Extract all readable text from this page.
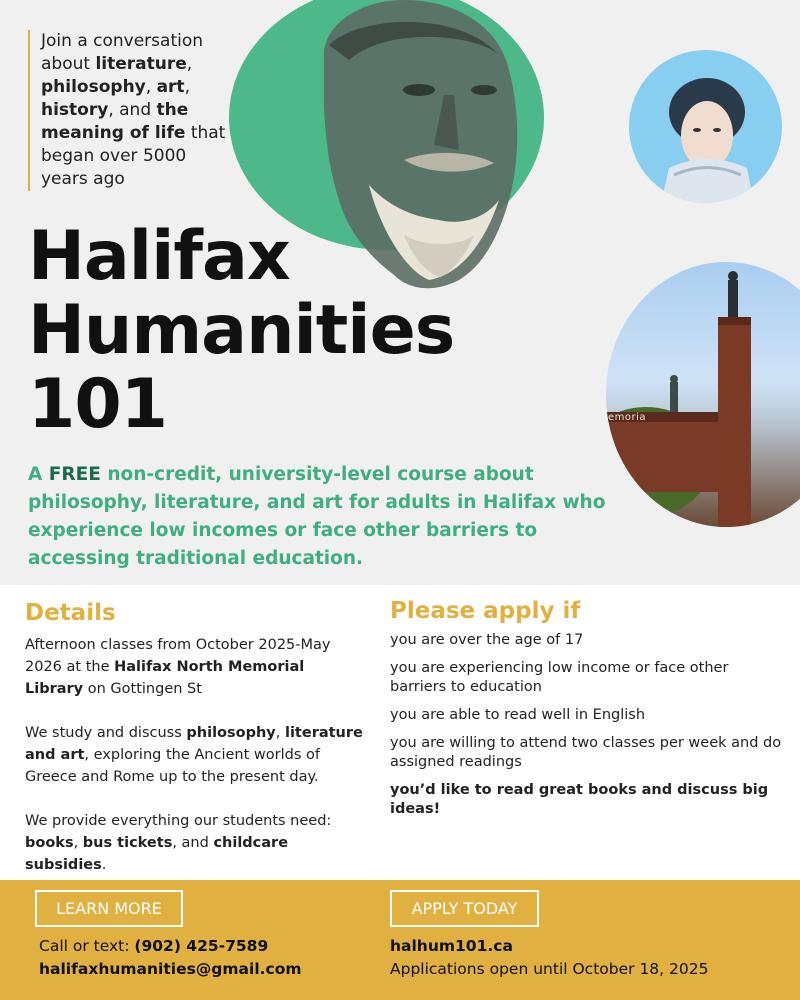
Join a conversation about literature, philosophy, art, history, and the meaning of life that began over 5000 years ago
emoria
Halifax
Humanities
101
A FREE non-credit, university-level course about philosophy, literature, and art for adults in Halifax who experience low incomes or face other barriers to accessing traditional education.
Details

Afternoon classes from October 2025-May 2026 at the Halifax North Memorial Library on Gottingen St

We study and discuss philosophy, literature and art, exploring the Ancient worlds of Greece and Rome up to the present day.

We provide everything our students need: books, bus tickets, and childcare subsidies.

Please apply if
you are over the age of 17
you are experiencing low income or face other barriers to education
you are able to read well in English
you are willing to attend two classes per week and do assigned readings
you’d like to read great books and discuss big ideas!
LEARN MORE	APPLY TODAY
Call or text: (902) 425-7589
halifaxhumanities@gmail.com
halhum101.ca
Applications open until October 18, 2025
